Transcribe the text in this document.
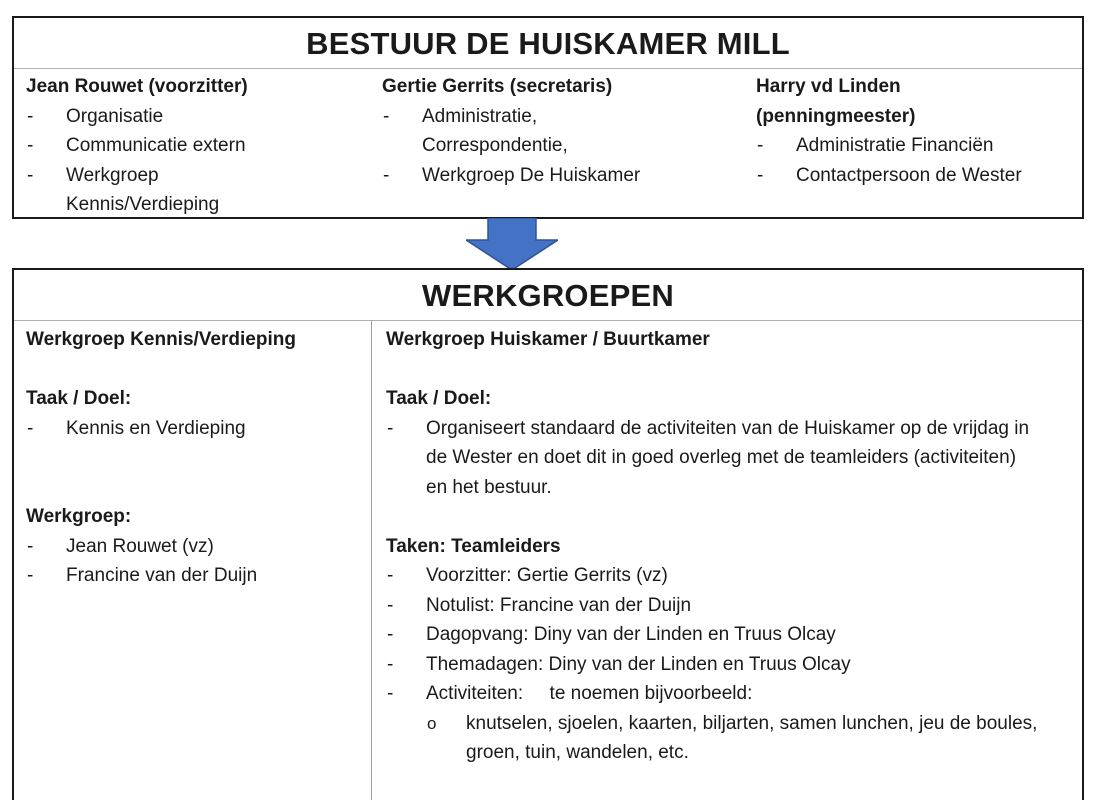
BESTUUR DE HUISKAMER MILL
Jean Rouwet (voorzitter)
- Organisatie
- Communicatie extern
- Werkgroep Kennis/Verdieping
Gertie Gerrits (secretaris)
- Administratie, Correspondentie,
- Werkgroep De Huiskamer
Harry vd Linden (penningmeester)
- Administratie Financiën
- Contactpersoon de Wester
WERKGROEPEN
Werkgroep Kennis/Verdieping
Taak / Doel:
- Kennis en Verdieping
Werkgroep:
- Jean Rouwet (vz)
- Francine van der Duijn
Werkgroep Huiskamer / Buurtkamer
Taak / Doel:
- Organiseert standaard de activiteiten van de Huiskamer op de vrijdag in de Wester en doet dit in goed overleg met de teamleiders (activiteiten) en het bestuur.
Taken: Teamleiders
- Voorzitter: Gertie Gerrits (vz)
- Notulist: Francine van der Duijn
- Dagopvang: Diny van der Linden en Truus Olcay
- Themadagen: Diny van der Linden en Truus Olcay
- Activiteiten:     te noemen bijvoorbeeld:
o knutselen, sjoelen, kaarten, biljarten, samen lunchen, jeu de boules, groen, tuin, wandelen, etc.
